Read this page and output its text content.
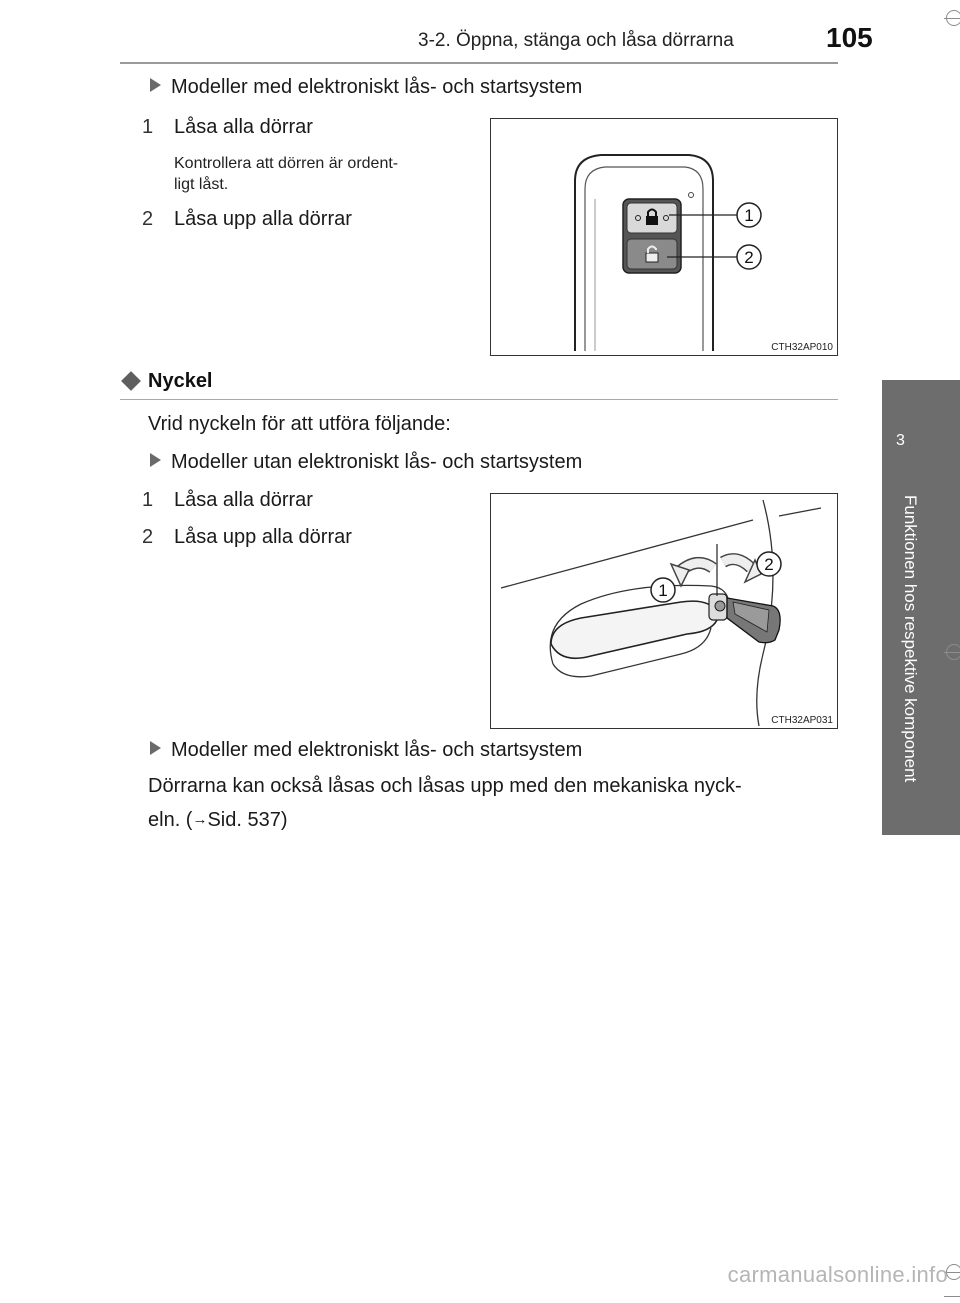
3-2. Öppna, stänga och låsa dörrarna	105
3
Funktionen hos respektive komponent
Modeller med elektroniskt lås- och startsystem
1 Låsa alla dörrar
Kontrollera att dörren är ordent-
ligt låst.
2 Låsa upp alla dörrar	1
2
CTH32AP010
Nyckel
Vrid nyckeln för att utföra följande:
Modeller utan elektroniskt lås- och startsystem
1 Låsa alla dörrar
2 Låsa upp alla dörrar
1
2
CTH32AP031
Modeller med elektroniskt lås- och startsystem
Dörrarna kan också låsas och låsas upp med den mekaniska nyck-
eln. (→Sid. 537)
carmanualsonline.info
